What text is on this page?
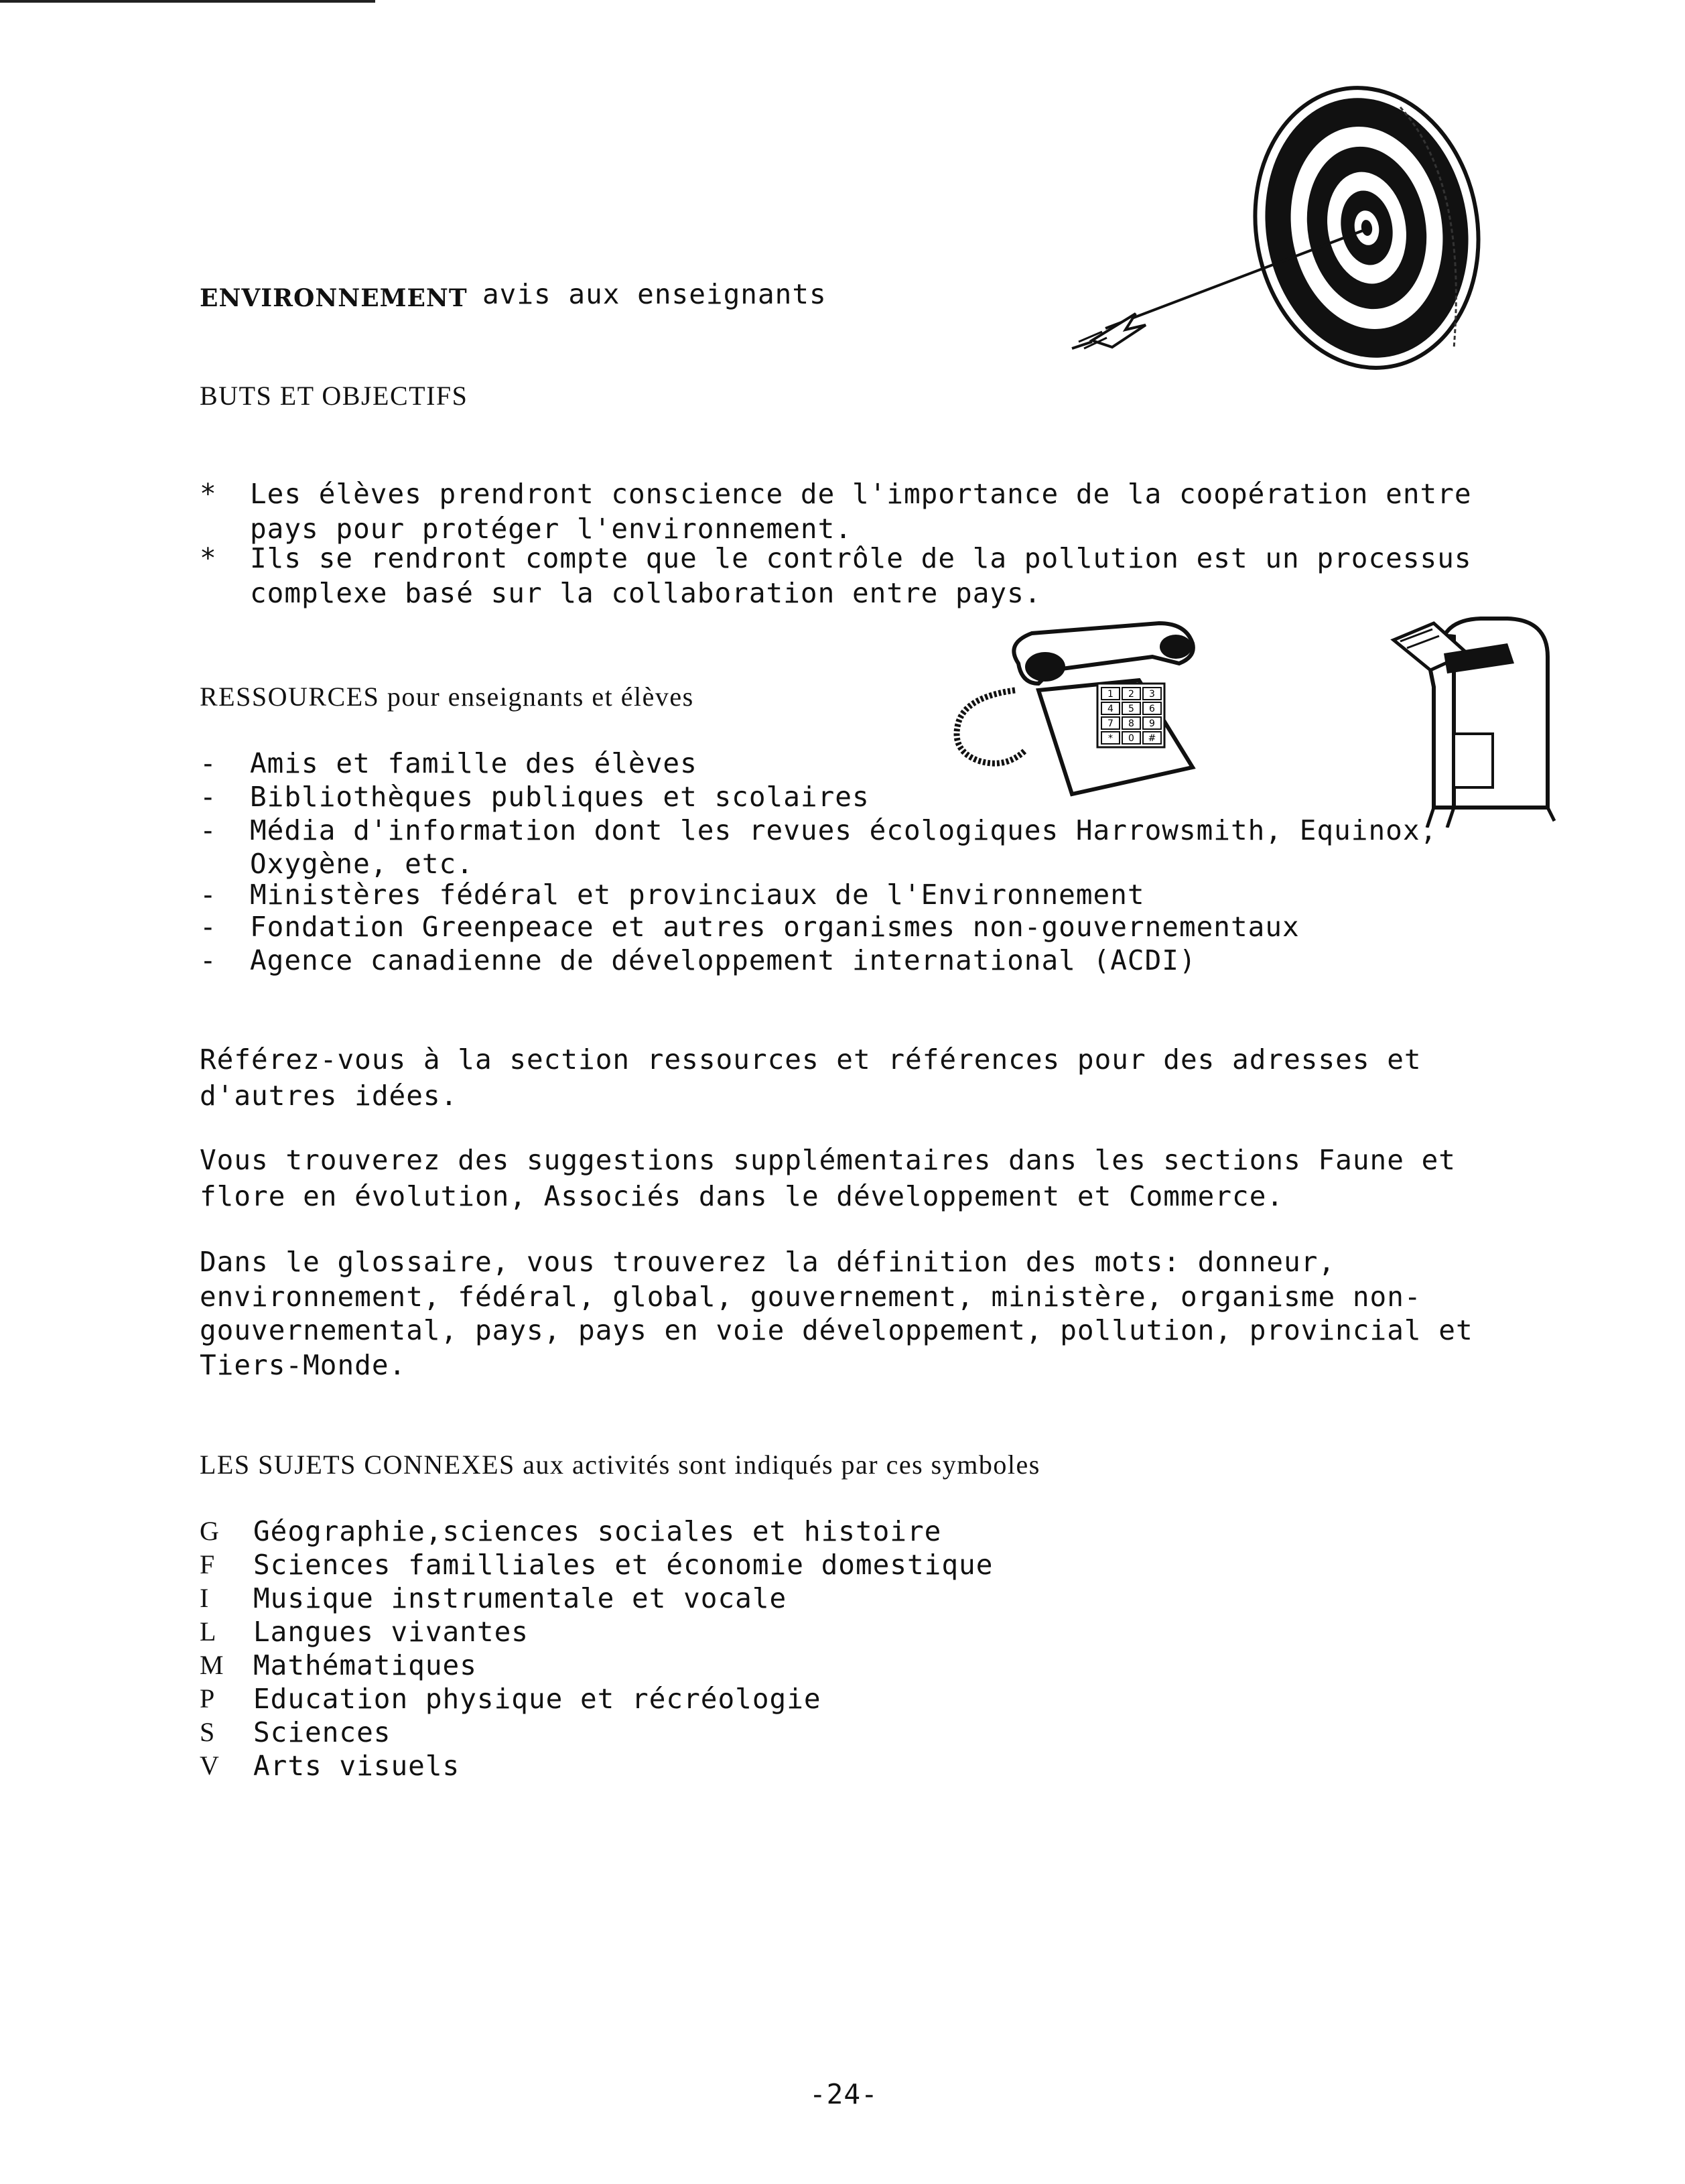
ENVIRONNEMENT avis aux enseignants
BUTS ET OBJECTIFS
* Les élèves prendront conscience de l'importance de la coopération entre
pays pour protéger l'environnement.
* Ils se rendront compte que le contrôle de la pollution est un processus
complexe basé sur la collaboration entre pays.
1 2 3
4 5 6
7 8 9
* 0 #
RESSOURCES pour enseignants et élèves
- Amis et famille des élèves
- Bibliothèques publiques et scolaires
- Média d'information dont les revues écologiques Harrowsmith, Equinox,
Oxygène, etc.
- Ministères fédéral et provinciaux de l'Environnement
- Fondation Greenpeace et autres organismes non-gouvernementaux
- Agence canadienne de développement international (ACDI)
Référez-vous à la section ressources et références pour des adresses et
d'autres idées.
Vous trouverez des suggestions supplémentaires dans les sections Faune et
flore en évolution, Associés dans le développement et Commerce.
Dans le glossaire, vous trouverez la définition des mots: donneur,
environnement, fédéral, global, gouvernement, ministère, organisme non-
gouvernemental, pays, pays en voie développement, pollution, provincial et
Tiers-Monde.
LES SUJETS CONNEXES aux activités sont indiqués par ces symboles
G Géographie,sciences sociales et histoire
F Sciences familliales et économie domestique
I Musique instrumentale et vocale
L Langues vivantes
M Mathématiques
P Education physique et récréologie
S Sciences
V Arts visuels
-24-
